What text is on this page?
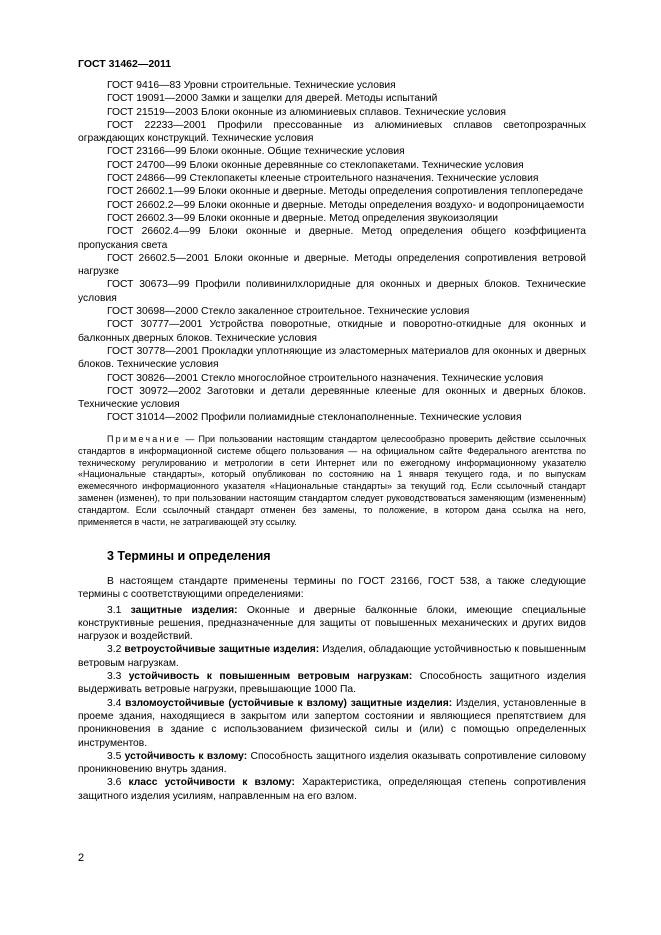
ГОСТ 31462—2011

ГОСТ 9416—83 Уровни строительные. Технические условия

ГОСТ 19091—2000 Замки и защелки для дверей. Методы испытаний

ГОСТ 21519—2003 Блоки оконные из алюминиевых сплавов. Технические условия

ГОСТ 22233—2001 Профили прессованные из алюминиевых сплавов светопрозрачных ограждающих конструкций. Технические условия

ГОСТ 23166—99 Блоки оконные. Общие технические условия

ГОСТ 24700—99 Блоки оконные деревянные со стеклопакетами. Технические условия

ГОСТ 24866—99 Стеклопакеты клееные строительного назначения. Технические условия

ГОСТ 26602.1—99 Блоки оконные и дверные. Методы определения сопротивления теплопередаче

ГОСТ 26602.2—99 Блоки оконные и дверные. Методы определения воздухо- и водопроницаемости

ГОСТ 26602.3—99 Блоки оконные и дверные. Метод определения звукоизоляции

ГОСТ 26602.4—99 Блоки оконные и дверные. Метод определения общего коэффициента пропускания света

ГОСТ 26602.5—2001 Блоки оконные и дверные. Методы определения сопротивления ветровой нагрузке

ГОСТ 30673—99 Профили поливинилхлоридные для оконных и дверных блоков. Технические условия

ГОСТ 30698—2000 Стекло закаленное строительное. Технические условия

ГОСТ 30777—2001 Устройства поворотные, откидные и поворотно-откидные для оконных и балконных дверных блоков. Технические условия

ГОСТ 30778—2001 Прокладки уплотняющие из эластомерных материалов для оконных и дверных блоков. Технические условия

ГОСТ 30826—2001 Стекло многослойное строительного назначения. Технические условия

ГОСТ 30972—2002 Заготовки и детали деревянные клееные для оконных и дверных блоков. Технические условия

ГОСТ 31014—2002 Профили полиамидные стеклонаполненные. Технические условия

Примечание — При пользовании настоящим стандартом целесообразно проверить действие ссылочных стандартов в информационной системе общего пользования — на официальном сайте Федерального агентства по техническому регулированию и метрологии в сети Интернет или по ежегодному информационному указателю «Национальные стандарты», который опубликован по состоянию на 1 января текущего года, и по выпускам ежемесячного информационного указателя «Национальные стандарты» за текущий год. Если ссылочный стандарт заменен (изменен), то при пользовании настоящим стандартом следует руководствоваться заменяющим (измененным) стандартом. Если ссылочный стандарт отменен без замены, то положение, в котором дана ссылка на него, применяется в части, не затрагивающей эту ссылку.

3 Термины и определения

В настоящем стандарте применены термины по ГОСТ 23166, ГОСТ 538, а также следующие термины с соответствующими определениями:

3.1 защитные изделия: Оконные и дверные балконные блоки, имеющие специальные конструктивные решения, предназначенные для защиты от повышенных механических и других видов нагрузок и воздействий.

3.2 ветроустойчивые защитные изделия: Изделия, обладающие устойчивностью к повышенным ветровым нагрузкам.

3.3 устойчивость к повышенным ветровым нагрузкам: Способность защитного изделия выдерживать ветровые нагрузки, превышающие 1000 Па.

3.4 взломоустойчивые (устойчивые к взлому) защитные изделия: Изделия, установленные в проеме здания, находящиеся в закрытом или запертом состоянии и являющиеся препятствием для проникновения в здание с использованием физической силы и (или) с помощью определенных инструментов.

3.5 устойчивость к взлому: Способность защитного изделия оказывать сопротивление силовому проникновению внутрь здания.

3.6 класс устойчивости к взлому: Характеристика, определяющая степень сопротивления защитного изделия усилиям, направленным на его взлом.

2
